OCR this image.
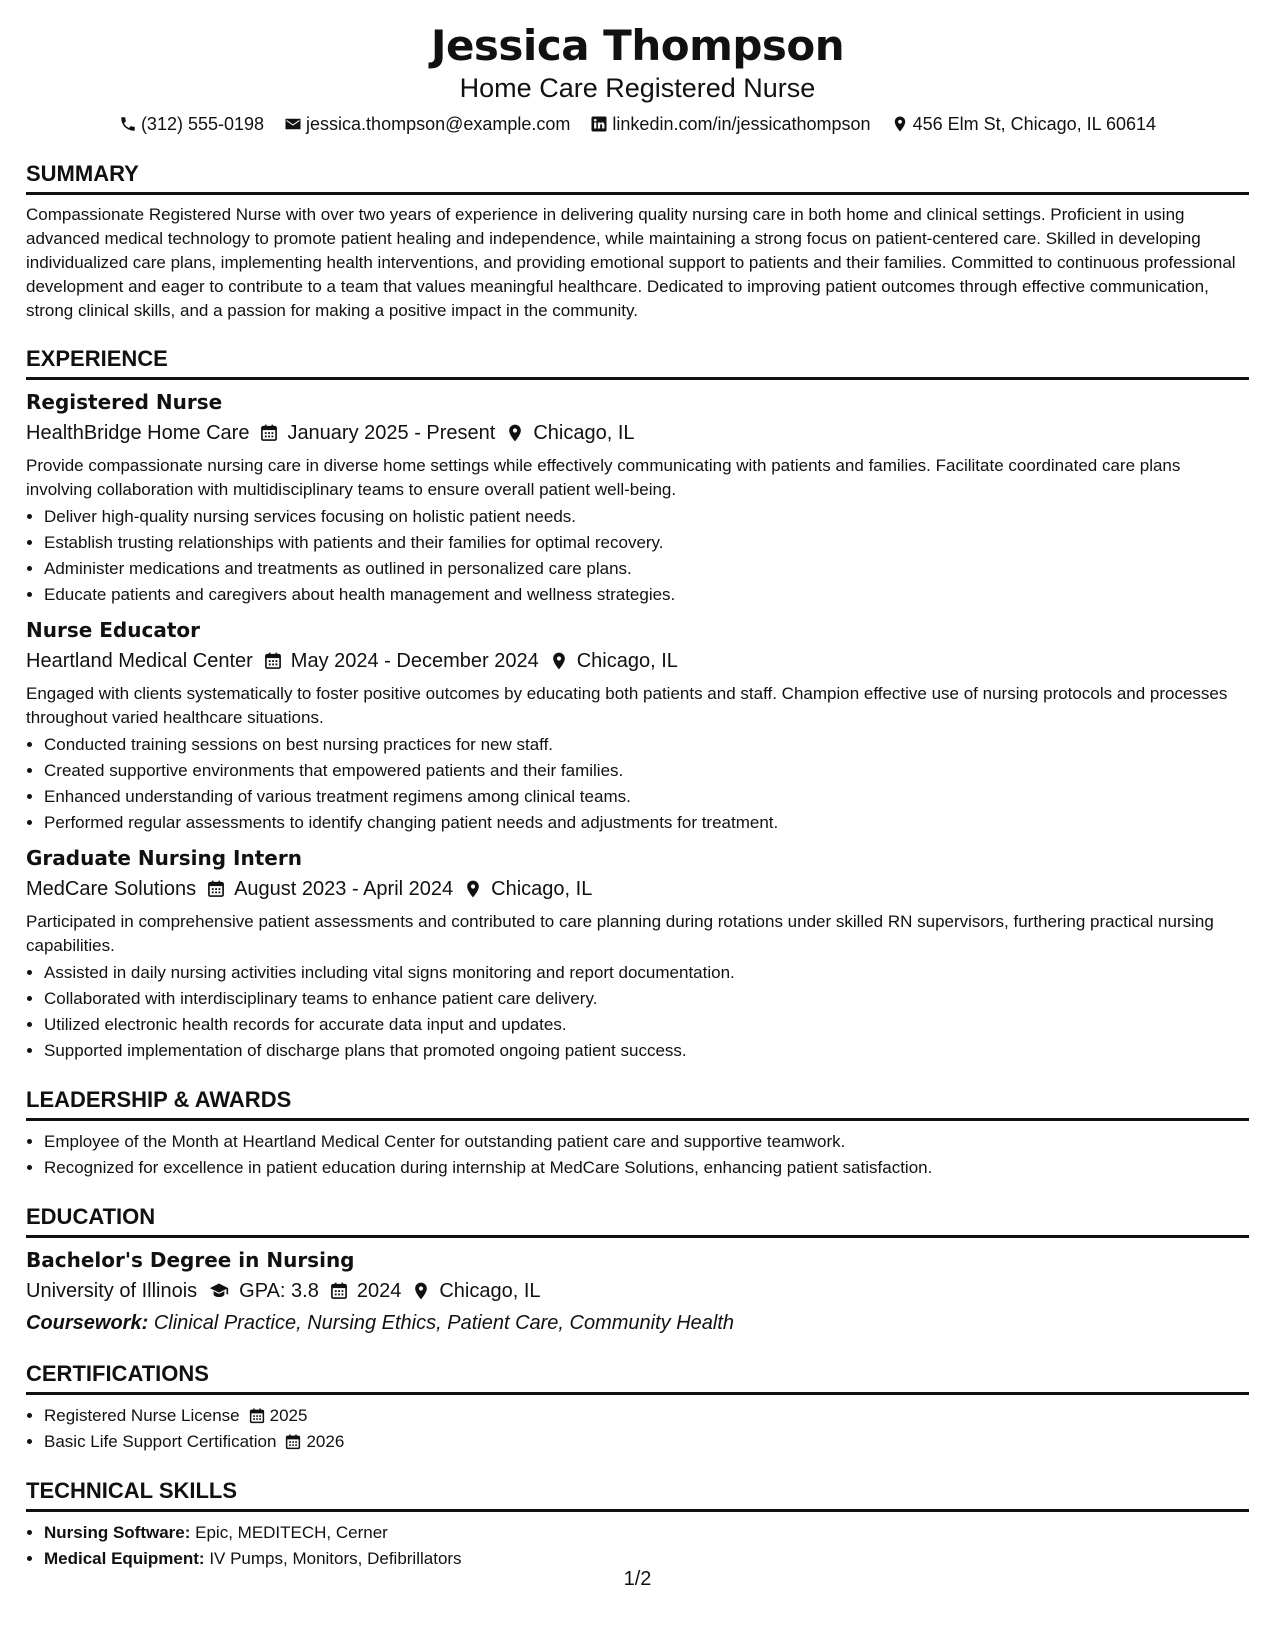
Jessica Thompson
Home Care Registered Nurse
(312) 555-0198 jessica.thompson@example.com linkedin.com/in/jessicathompson 456 Elm St, Chicago, IL 60614
SUMMARY

Compassionate Registered Nurse with over two years of experience in delivering quality nursing care in both home and clinical settings. Proficient in using advanced medical technology to promote patient healing and independence, while maintaining a strong focus on patient-centered care. Skilled in developing individualized care plans, implementing health interventions, and providing emotional support to patients and their families. Committed to continuous professional development and eager to contribute to a team that values meaningful healthcare. Dedicated to improving patient outcomes through effective communication, strong clinical skills, and a passion for making a positive impact in the community.

EXPERIENCE
Registered Nurse
HealthBridge Home Care January 2025 - Present Chicago, IL

Provide compassionate nursing care in diverse home settings while effectively communicating with patients and families. Facilitate coordinated care plans involving collaboration with multidisciplinary teams to ensure overall patient well-being.

• Deliver high-quality nursing services focusing on holistic patient needs.
• Establish trusting relationships with patients and their families for optimal recovery.
• Administer medications and treatments as outlined in personalized care plans.
• Educate patients and caregivers about health management and wellness strategies.
Nurse Educator
Heartland Medical Center May 2024 - December 2024 Chicago, IL

Engaged with clients systematically to foster positive outcomes by educating both patients and staff. Champion effective use of nursing protocols and processes throughout varied healthcare situations.

• Conducted training sessions on best nursing practices for new staff.
• Created supportive environments that empowered patients and their families.
• Enhanced understanding of various treatment regimens among clinical teams.
• Performed regular assessments to identify changing patient needs and adjustments for treatment.
Graduate Nursing Intern
MedCare Solutions August 2023 - April 2024 Chicago, IL

Participated in comprehensive patient assessments and contributed to care planning during rotations under skilled RN supervisors, furthering practical nursing capabilities.

• Assisted in daily nursing activities including vital signs monitoring and report documentation.
• Collaborated with interdisciplinary teams to enhance patient care delivery.
• Utilized electronic health records for accurate data input and updates.
• Supported implementation of discharge plans that promoted ongoing patient success.
LEADERSHIP & AWARDS
• Employee of the Month at Heartland Medical Center for outstanding patient care and supportive teamwork.
• Recognized for excellence in patient education during internship at MedCare Solutions, enhancing patient satisfaction.
EDUCATION
Bachelor's Degree in Nursing
University of Illinois GPA: 3.8 2024 Chicago, IL
Coursework: Clinical Practice, Nursing Ethics, Patient Care, Community Health
CERTIFICATIONS
• Registered Nurse License 2025
• Basic Life Support Certification 2026
TECHNICAL SKILLS
• Nursing Software: Epic, MEDITECH, Cerner
• Medical Equipment: IV Pumps, Monitors, Defibrillators
1/2
